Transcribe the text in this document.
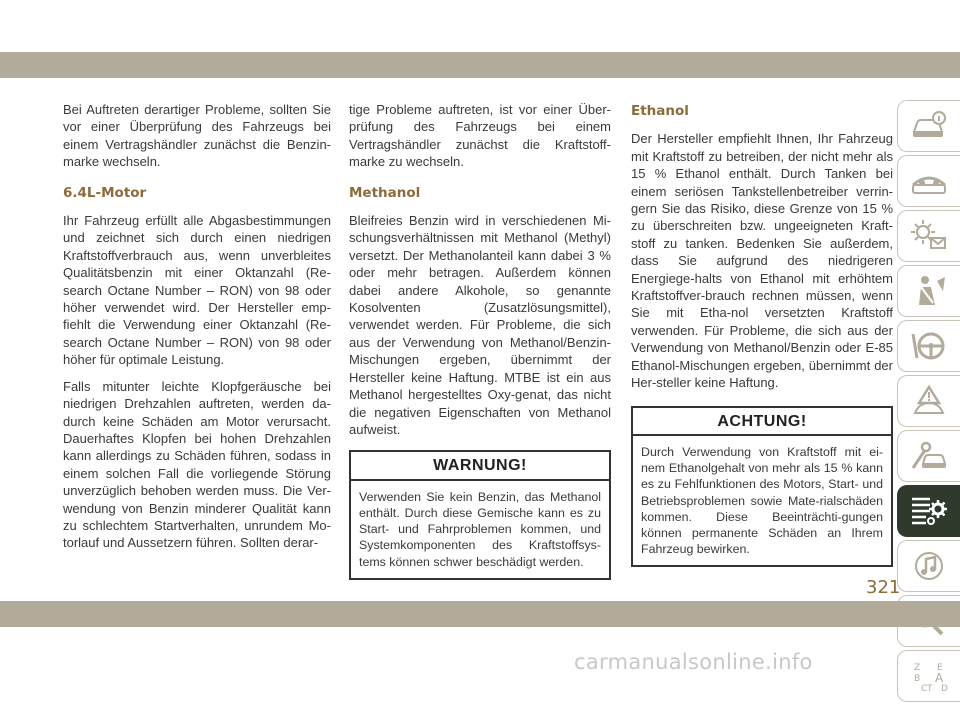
Bei Auftreten derartiger Probleme, sollten Sie vor einer Überprüfung des Fahrzeugs bei einem Vertragshändler zunächst die Benzin-marke wechseln.

6.4L-Motor

Ihr Fahrzeug erfüllt alle Abgasbestimmungen und zeichnet sich durch einen niedrigen Kraftstoffverbrauch aus, wenn unverbleites Qualitätsbenzin mit einer Oktanzahl (Re-search Octane Number – RON) von 98 oder höher verwendet wird. Der Hersteller emp-fiehlt die Verwendung einer Oktanzahl (Re-search Octane Number – RON) von 98 oder höher für optimale Leistung.

Falls mitunter leichte Klopfgeräusche bei niedrigen Drehzahlen auftreten, werden da-durch keine Schäden am Motor verursacht. Dauerhaftes Klopfen bei hohen Drehzahlen kann allerdings zu Schäden führen, sodass in einem solchen Fall die vorliegende Störung unverzüglich behoben werden muss. Die Ver-wendung von Benzin minderer Qualität kann zu schlechtem Startverhalten, unrundem Mo-torlauf und Aussetzern führen. Sollten derar-

tige Probleme auftreten, ist vor einer Über-prüfung des Fahrzeugs bei einem Vertragshändler zunächst die Kraftstoff-marke zu wechseln.

Methanol

Bleifreies Benzin wird in verschiedenen Mi-schungsverhältnissen mit Methanol (Methyl) versetzt. Der Methanolanteil kann dabei 3 % oder mehr betragen. Außerdem können dabei andere Alkohole, so genannte Kosolventen (Zusatzlösungsmittel), verwendet werden. Für Probleme, die sich aus der Verwendung von Methanol/Benzin-Mischungen ergeben, übernimmt der Hersteller keine Haftung. MTBE ist ein aus Methanol hergestelltes Oxy-genat, das nicht die negativen Eigenschaften von Methanol aufweist.

WARNUNG!
Verwenden Sie kein Benzin, das Methanol enthält. Durch diese Gemische kann es zu Start- und Fahrproblemen kommen, und Systemkomponenten des Kraftstoffsys-tems können schwer beschädigt werden.
Ethanol

Der Hersteller empfiehlt Ihnen, Ihr Fahrzeug mit Kraftstoff zu betreiben, der nicht mehr als 15 % Ethanol enthält. Durch Tanken bei einem seriösen Tankstellenbetreiber verrin-gern Sie das Risiko, diese Grenze von 15 % zu überschreiten bzw. ungeeigneten Kraft-stoff zu tanken. Bedenken Sie außerdem, dass Sie aufgrund des niedrigeren Energiege-halts von Ethanol mit erhöhtem Kraftstoffver-brauch rechnen müssen, wenn Sie mit Etha-nol versetzten Kraftstoff verwenden. Für Probleme, die sich aus der Verwendung von Methanol/Benzin oder E-85 Ethanol-Mischungen ergeben, übernimmt der Her-steller keine Haftung.

ACHTUNG!
Durch Verwendung von Kraftstoff mit ei-nem Ethanolgehalt von mehr als 15 % kann es zu Fehlfunktionen des Motors, Start- und Betriebsproblemen sowie Mate-rialschäden kommen. Diese Beeinträchti-gungen können permanente Schäden an Ihrem Fahrzeug bewirken.
Z E
B A
C D
T
321
carmanualsonline.info
